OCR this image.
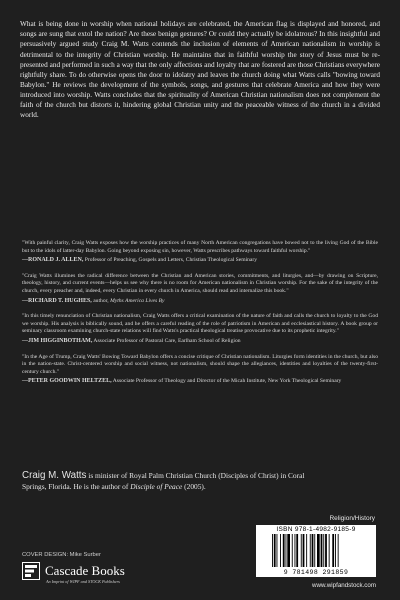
What is being done in worship when national holidays are celebrated, the American flag is displayed and honored, and songs are sung that extol the nation? Are these benign gestures? Or could they actually be idolatrous? In this insightful and persuasively argued study Craig M. Watts contends the inclusion of elements of American nationalism in worship is detrimental to the integrity of Christian worship. He maintains that in faithful worship the story of Jesus must be re-presented and performed in such a way that the only affections and loyalty that are fostered are those Christians everywhere rightfully share. To do otherwise opens the door to idolatry and leaves the church doing what Watts calls "bowing toward Babylon." He reviews the development of the symbols, songs, and gestures that celebrate America and how they were introduced into worship. Watts concludes that the spirituality of American Christian nationalism does not complement the faith of the church but distorts it, hindering global Christian unity and the peaceable witness of the church in a divided world.

"With painful clarity, Craig Watts exposes how the worship practices of many North American congregations have bowed not to the living God of the Bible but to the idols of latter-day Babylon. Going beyond exposing sin, however, Watts prescribes pathways toward faithful worship."

— RONALD J. ALLEN, Professor of Preaching, Gospels and Letters, Christian Theological Seminary

"Craig Watts illumines the radical difference between the Christian and American stories, commitments, and liturgies, and—by drawing on Scripture, theology, history, and current events—helps us see why there is no room for American nationalism in Christian worship. For the sake of the integrity of the church, every preacher and, indeed, every Christian in every church in America, should read and internalize this book."

— RICHARD T. HUGHES, author, Myths America Lives By

"In this timely renunciation of Christian nationalism, Craig Watts offers a critical examination of the nature of faith and calls the church to loyalty to the God we worship. His analysis is biblically sound, and he offers a careful reading of the role of patriotism in American and ecclesiastical history. A book group or seminary classroom examining church-state relations will find Watts's practical theological treatise provocative due to its prophetic integrity."

— JIM HIGGINBOTHAM, Associate Professor of Pastoral Care, Earlham School of Religion

"In the Age of Trump, Craig Watts' Bowing Toward Babylon offers a concise critique of Christian nationalism. Liturgies form identities in the church, but also in the nation-state. Christ-centered worship and social witness, not nationalism, should shape the allegiances, identities and loyalties of the twenty-first-century church."

— PETER GOODWIN HELTZEL, Associate Professor of Theology and Director of the Micah Institute, New York Theological Seminary

Craig M. Watts is minister of Royal Palm Christian Church (Disciples of Christ) in Coral Springs, Florida. He is the author of Disciple of Peace (2005).

Religion/History
ISBN 978-1-4982-9185-9
9 781498 291859
COVER DESIGN: Mike Surber
Cascade Books
An Imprint of WIPF and STOCK Publishers
www.wipfandstock.com
